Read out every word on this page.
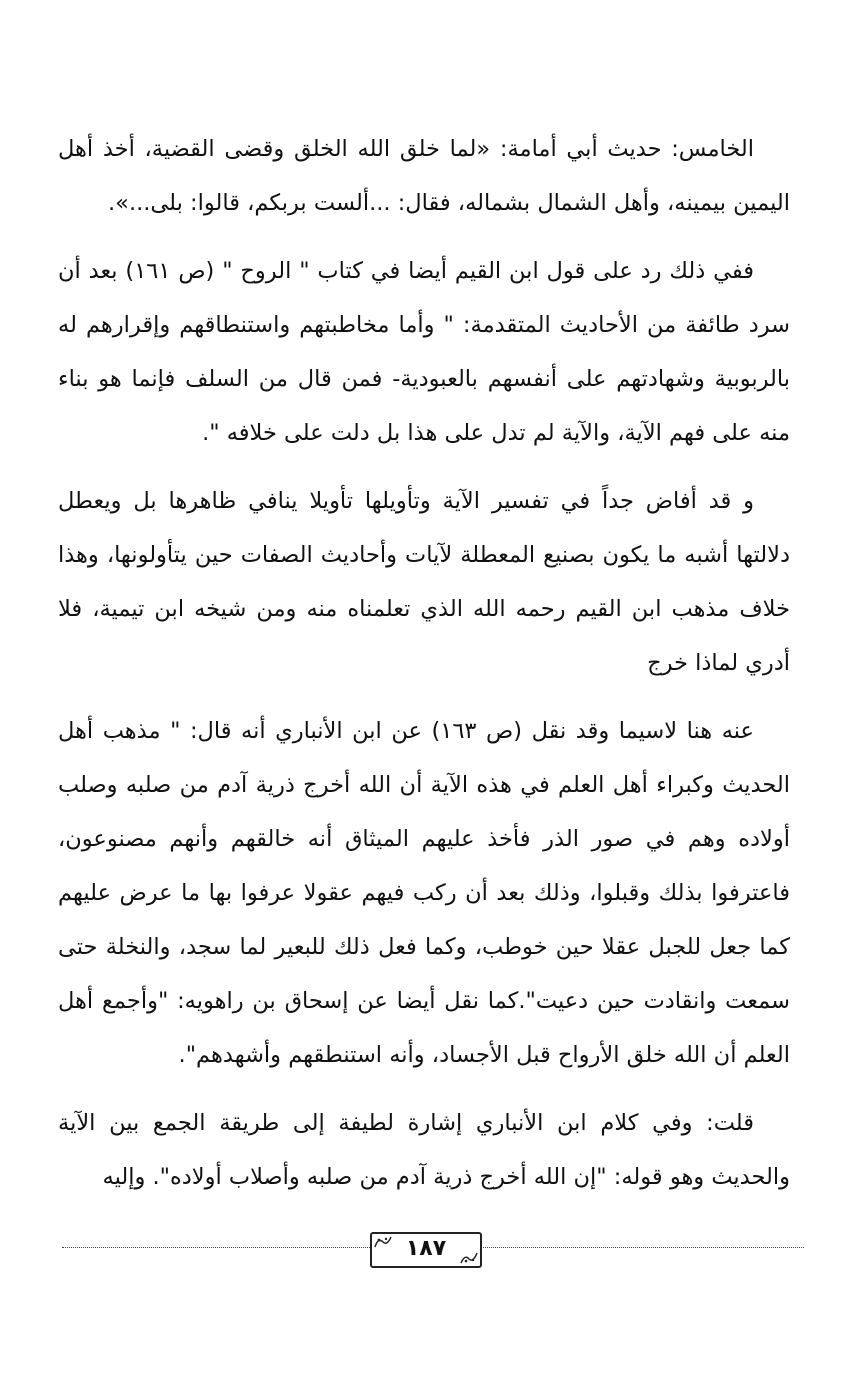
الخامس: حديث أبي أمامة: «لما خلق الله الخلق وقضى القضية، أخذ أهل اليمين بيمينه، وأهل الشمال بشماله، فقال: ...ألست بربكم، قالوا: بلى...».

ففي ذلك رد على قول ابن القيم أيضا في كتاب " الروح " (ص ١٦١) بعد أن سرد طائفة من الأحاديث المتقدمة: " وأما مخاطبتهم واستنطاقهم وإقرارهم له بالربوبية وشهادتهم على أنفسهم بالعبودية- فمن قال من السلف فإنما هو بناء منه على فهم الآية، والآية لم تدل على هذا بل دلت على خلافه ".

و قد أفاض جداً في تفسير الآية وتأويلها تأويلا ينافي ظاهرها بل ويعطل دلالتها أشبه ما يكون بصنيع المعطلة لآيات وأحاديث الصفات حين يتأولونها، وهذا خلاف مذهب ابن القيم رحمه الله الذي تعلمناه منه ومن شيخه ابن تيمية، فلا أدري لماذا خرج

عنه هنا لاسيما وقد نقل (ص ١٦٣) عن ابن الأنباري أنه قال: " مذهب أهل الحديث وكبراء أهل العلم في هذه الآية أن الله أخرج ذرية آدم من صلبه وصلب أولاده وهم في صور الذر فأخذ عليهم الميثاق أنه خالقهم وأنهم مصنوعون، فاعترفوا بذلك وقبلوا، وذلك بعد أن ركب فيهم عقولا عرفوا بها ما عرض عليهم كما جعل للجبل عقلا حين خوطب، وكما فعل ذلك للبعير لما سجد، والنخلة حتى سمعت وانقادت حين دعيت".كما نقل أيضا عن إسحاق بن راهويه: "وأجمع أهل العلم أن الله خلق الأرواح قبل الأجساد، وأنه استنطقهم وأشهدهم".

قلت: وفي كلام ابن الأنباري إشارة لطيفة إلى طريقة الجمع بين الآية والحديث وهو قوله: "إن الله أخرج ذرية آدم من صلبه وأصلاب أولاده". وإليه

١٨٧
